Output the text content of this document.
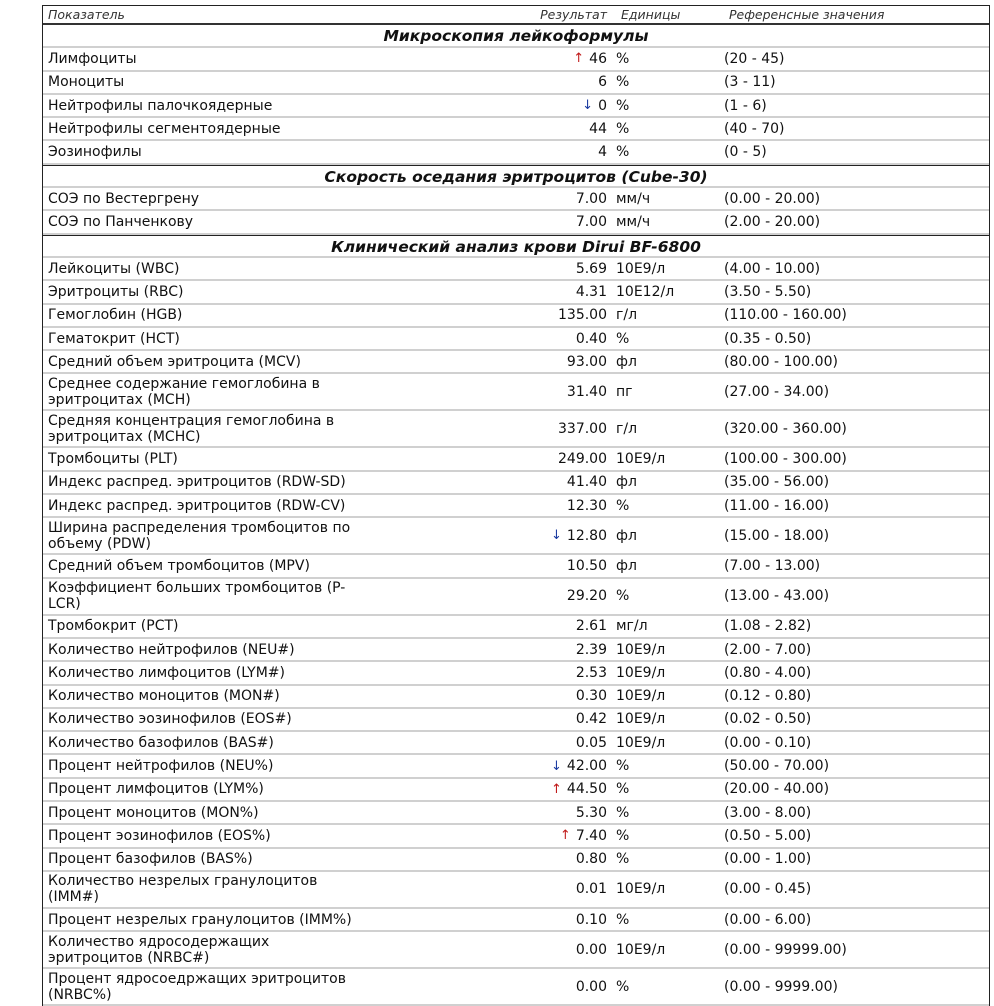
Показатель	Результат Единицы	Референсные значения
Микроскопия лейкоформулы
Лимфоциты	↑ 46 %	(20 - 45)
Моноциты	6 %	(3 - 11)
Нейтрофилы палочкоядерные	↓ 0 %	(1 - 6)
Нейтрофилы сегментоядерные	44 %	(40 - 70)
Эозинофилы	4 %	(0 - 5)
Скорость оседания эритроцитов (Cube-30)
СОЭ по Вестергрену	7.00 мм/ч	(0.00 - 20.00)
СОЭ по Панченкову	7.00 мм/ч	(2.00 - 20.00)
Клинический анализ крови Dirui BF-6800
Лейкоциты (WBC)	5.69 10E9/л	(4.00 - 10.00)
Эритроциты (RBC)	4.31 10E12/л	(3.50 - 5.50)
Гемоглобин (HGB)	135.00 г/л	(110.00 - 160.00)
Гематокрит (HCT)	0.40 %	(0.35 - 0.50)
Средний объем эритроцита (MCV)	93.00 фл	(80.00 - 100.00)
Среднее содержание гемоглобина в эритроцитах (MCH)	31.40 пг	(27.00 - 34.00)
Средняя концентрация гемоглобина в эритроцитах (MCHC)	337.00 г/л	(320.00 - 360.00)
Тромбоциты (PLT)	249.00 10E9/л	(100.00 - 300.00)
Индекс распред. эритроцитов (RDW-SD)	41.40 фл	(35.00 - 56.00)
Индекс распред. эритроцитов (RDW-CV)	12.30 %	(11.00 - 16.00)
Ширина распределения тромбоцитов по объему (PDW)	↓ 12.80 фл	(15.00 - 18.00)
Средний объем тромбоцитов (MPV)	10.50 фл	(7.00 - 13.00)
Коэффициент больших тромбоцитов (P-LCR)	29.20 %	(13.00 - 43.00)
Тромбокрит (PCT)	2.61 мг/л	(1.08 - 2.82)
Количество нейтрофилов (NEU#)	2.39 10E9/л	(2.00 - 7.00)
Количество лимфоцитов (LYM#)	2.53 10E9/л	(0.80 - 4.00)
Количество моноцитов (MON#)	0.30 10E9/л	(0.12 - 0.80)
Количество эозинофилов (EOS#)	0.42 10E9/л	(0.02 - 0.50)
Количество базофилов (BAS#)	0.05 10E9/л	(0.00 - 0.10)
Процент нейтрофилов (NEU%)	↓ 42.00 %	(50.00 - 70.00)
Процент лимфоцитов (LYM%)	↑ 44.50 %	(20.00 - 40.00)
Процент моноцитов (MON%)	5.30 %	(3.00 - 8.00)
Процент эозинофилов (EOS%)	↑ 7.40 %	(0.50 - 5.00)
Процент базофилов (BAS%)	0.80 %	(0.00 - 1.00)
Количество незрелых гранулоцитов (IMM#)	0.01 10E9/л	(0.00 - 0.45)
Процент незрелых гранулоцитов (IMM%)	0.10 %	(0.00 - 6.00)
Количество ядросодержащих эритроцитов (NRBC#)	0.00 10E9/л	(0.00 - 99999.00)
Процент ядросоедржащих эритроцитов (NRBC%)	0.00 %	(0.00 - 9999.00)
